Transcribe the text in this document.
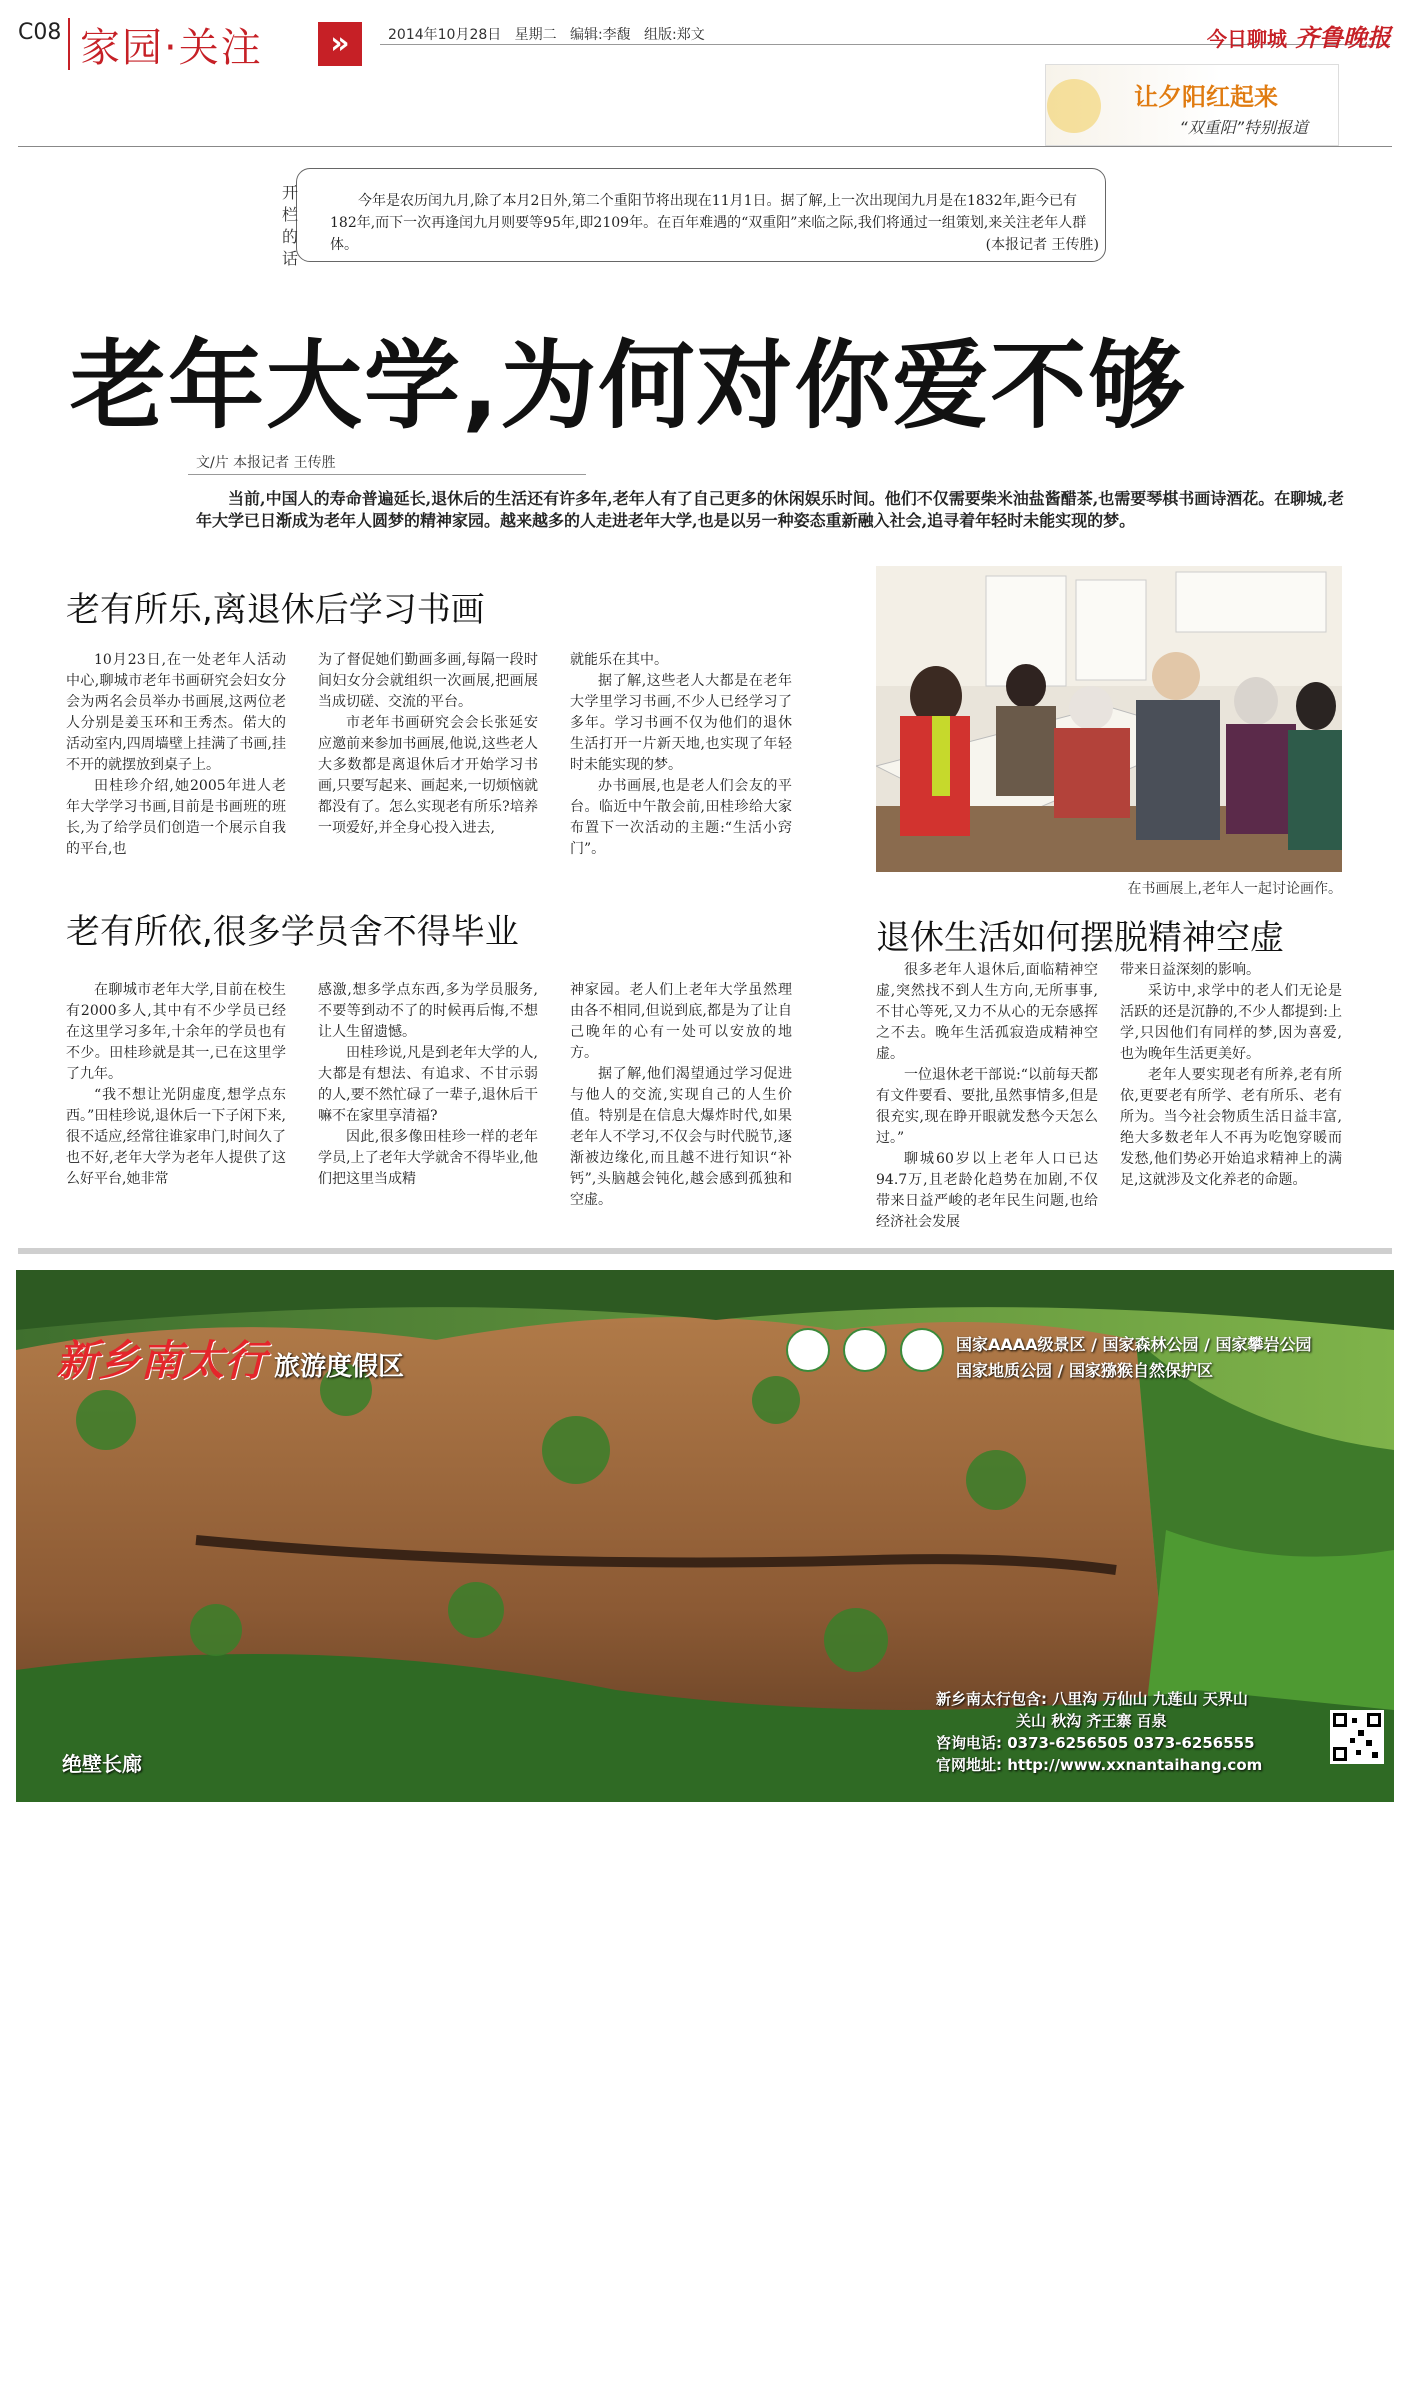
C08 家园·关注	»	2014年10月28日   星期二   编辑:李馥   组版:郑文	今日聊城 齐鲁晚报
让夕阳红起来
“双重阳”特别报道
开栏的话
今年是农历闰九月,除了本月2日外,第二个重阳节将出现在11月1日。据了解,上一次出现闰九月是在1832年,距今已有182年,而下一次再逢闰九月则要等95年,即2109年。在百年难遇的“双重阳”来临之际,我们将通过一组策划,来关注老年人群体。	(本报记者 王传胜)
老年大学,为何对你爱不够
文/片 本报记者 王传胜
当前,中国人的寿命普遍延长,退休后的生活还有许多年,老年人有了自己更多的休闲娱乐时间。他们不仅需要柴米油盐酱醋茶,也需要琴棋书画诗酒花。在聊城,老年大学已日渐成为老年人圆梦的精神家园。越来越多的人走进老年大学,也是以另一种姿态重新融入社会,追寻着年轻时未能实现的梦。
老有所乐,离退休后学习书画

10月23日,在一处老年人活动中心,聊城市老年书画研究会妇女分会为两名会员举办书画展,这两位老人分别是姜玉环和王秀杰。偌大的活动室内,四周墙壁上挂满了书画,挂不开的就摆放到桌子上。

田桂珍介绍,她2005年进人老年大学学习书画,目前是书画班的班长,为了给学员们创造一个展示自我的平台,也

为了督促她们勤画多画,每隔一段时间妇女分会就组织一次画展,把画展当成切磋、交流的平台。

市老年书画研究会会长张延安应邀前来参加书画展,他说,这些老人大多数都是离退休后才开始学习书画,只要写起来、画起来,一切烦恼就都没有了。怎么实现老有所乐?培养一项爱好,并全身心投入进去,

就能乐在其中。

据了解,这些老人大都是在老年大学里学习书画,不少人已经学习了多年。学习书画不仅为他们的退休生活打开一片新天地,也实现了年轻时未能实现的梦。

办书画展,也是老人们会友的平台。临近中午散会前,田桂珍给大家布置下一次活动的主题:“生活小窍门”。

在书画展上,老年人一起讨论画作。
老有所依,很多学员舍不得毕业

在聊城市老年大学,目前在校生有2000多人,其中有不少学员已经在这里学习多年,十余年的学员也有不少。田桂珍就是其一,已在这里学了九年。

“我不想让光阴虚度,想学点东西。”田桂珍说,退休后一下子闲下来,很不适应,经常往谁家串门,时间久了也不好,老年大学为老年人提供了这么好平台,她非常

感激,想多学点东西,多为学员服务,不要等到动不了的时候再后悔,不想让人生留遗憾。

田桂珍说,凡是到老年大学的人,大都是有想法、有追求、不甘示弱的人,要不然忙碌了一辈子,退休后干嘛不在家里享清福?

因此,很多像田桂珍一样的老年学员,上了老年大学就舍不得毕业,他们把这里当成精

神家园。老人们上老年大学虽然理由各不相同,但说到底,都是为了让自己晚年的心有一处可以安放的地方。

据了解,他们渴望通过学习促进与他人的交流,实现自己的人生价值。特别是在信息大爆炸时代,如果老年人不学习,不仅会与时代脱节,逐渐被边缘化,而且越不进行知识“补钙”,头脑越会钝化,越会感到孤独和空虚。

退休生活如何摆脱精神空虚

很多老年人退休后,面临精神空虚,突然找不到人生方向,无所事事,不甘心等死,又力不从心的无奈感挥之不去。晚年生活孤寂造成精神空虚。

一位退休老干部说:“以前每天都有文件要看、要批,虽然事情多,但是很充实,现在睁开眼就发愁今天怎么过。”

聊城60岁以上老年人口已达94.7万,且老龄化趋势在加剧,不仅带来日益严峻的老年民生问题,也给经济社会发展

带来日益深刻的影响。

采访中,求学中的老人们无论是活跃的还是沉静的,不少人都提到:上学,只因他们有同样的梦,因为喜爱,也为晚年生活更美好。

老年人要实现老有所养,老有所依,更要老有所学、老有所乐、老有所为。当今社会物质生活日益丰富,绝大多数老年人不再为吃饱穿暖而发愁,他们势必开始追求精神上的满足,这就涉及文化养老的命题。

新乡南太行 旅游度假区

国家AAAA级景区 / 国家森林公园 / 国家攀岩公园
国家地质公园 / 国家猕猴自然保护区
新乡南太行包含: 八里沟 万仙山 九莲山 天界山
关山 秋沟 齐王寨 百泉
咨询电话: 0373-6256505 0373-6256555
官网地址: http://www.xxnantaihang.com
绝壁长廊
